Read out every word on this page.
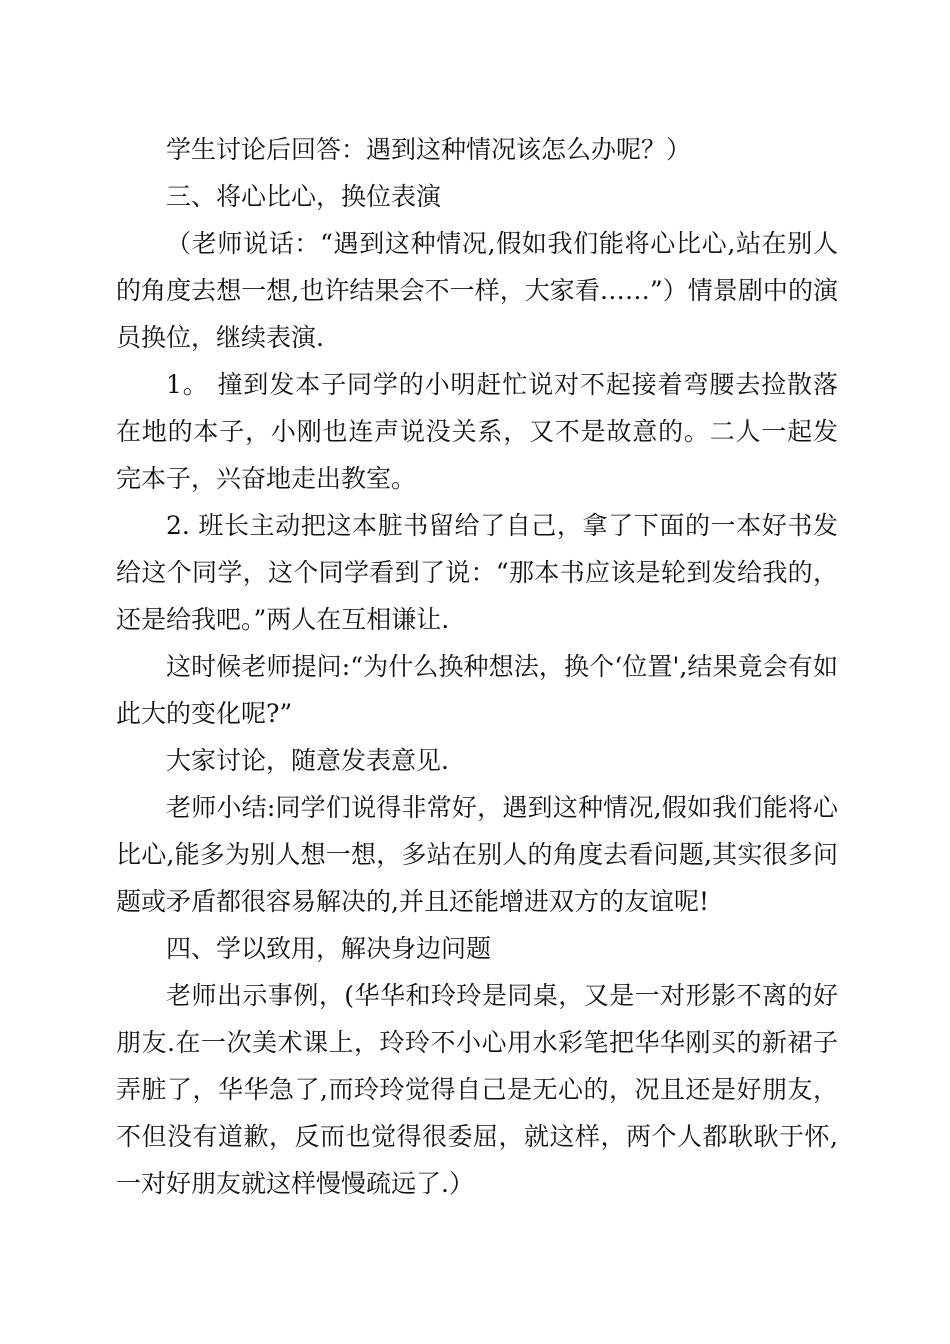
学生讨论后回答：遇到这种情况该怎么办呢？）

三、将心比心，换位表演

（老师说话：“遇到这种情况,假如我们能将心比心,站在别人的角度去想一想,也许结果会不一样，大家看……”）情景剧中的演员换位，继续表演.

1。 撞到发本子同学的小明赶忙说对不起接着弯腰去捡散落在地的本子，小刚也连声说没关系，又不是故意的。二人一起发完本子，兴奋地走出教室。

2. 班长主动把这本脏书留给了自己，拿了下面的一本好书发给这个同学，这个同学看到了说：“那本书应该是轮到发给我的，还是给我吧。”两人在互相谦让.

这时候老师提问:“为什么换种想法，换个‘位置',结果竟会有如此大的变化呢?”

大家讨论，随意发表意见.

老师小结:同学们说得非常好，遇到这种情况,假如我们能将心比心,能多为别人想一想，多站在别人的角度去看问题,其实很多问题或矛盾都很容易解决的,并且还能增进双方的友谊呢!

四、学以致用，解决身边问题

老师出示事例，(华华和玲玲是同桌，又是一对形影不离的好朋友.在一次美术课上，玲玲不小心用水彩笔把华华刚买的新裙子弄脏了，华华急了,而玲玲觉得自己是无心的，况且还是好朋友，不但没有道歉，反而也觉得很委屈，就这样，两个人都耿耿于怀,一对好朋友就这样慢慢疏远了.）
